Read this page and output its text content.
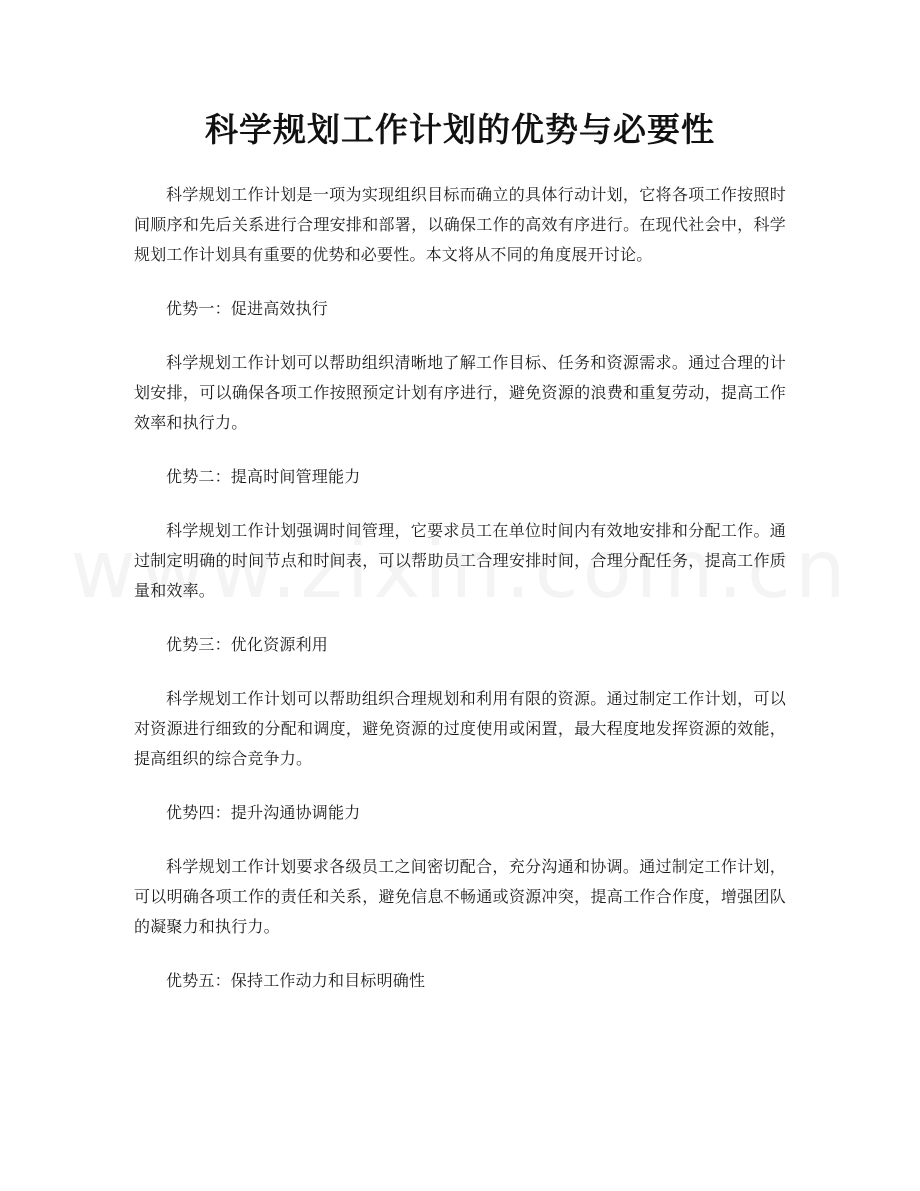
科学规划工作计划的优势与必要性

科学规划工作计划是一项为实现组织目标而确立的具体行动计划，它将各项工作按照时间顺序和先后关系进行合理安排和部署，以确保工作的高效有序进行。在现代社会中，科学规划工作计划具有重要的优势和必要性。本文将从不同的角度展开讨论。

优势一：促进高效执行

科学规划工作计划可以帮助组织清晰地了解工作目标、任务和资源需求。通过合理的计划安排，可以确保各项工作按照预定计划有序进行，避免资源的浪费和重复劳动，提高工作效率和执行力。

优势二：提高时间管理能力

科学规划工作计划强调时间管理，它要求员工在单位时间内有效地安排和分配工作。通过制定明确的时间节点和时间表，可以帮助员工合理安排时间，合理分配任务，提高工作质量和效率。

优势三：优化资源利用

科学规划工作计划可以帮助组织合理规划和利用有限的资源。通过制定工作计划，可以对资源进行细致的分配和调度，避免资源的过度使用或闲置，最大程度地发挥资源的效能，提高组织的综合竞争力。

优势四：提升沟通协调能力

科学规划工作计划要求各级员工之间密切配合，充分沟通和协调。通过制定工作计划，可以明确各项工作的责任和关系，避免信息不畅通或资源冲突，提高工作合作度，增强团队的凝聚力和执行力。

优势五：保持工作动力和目标明确性
